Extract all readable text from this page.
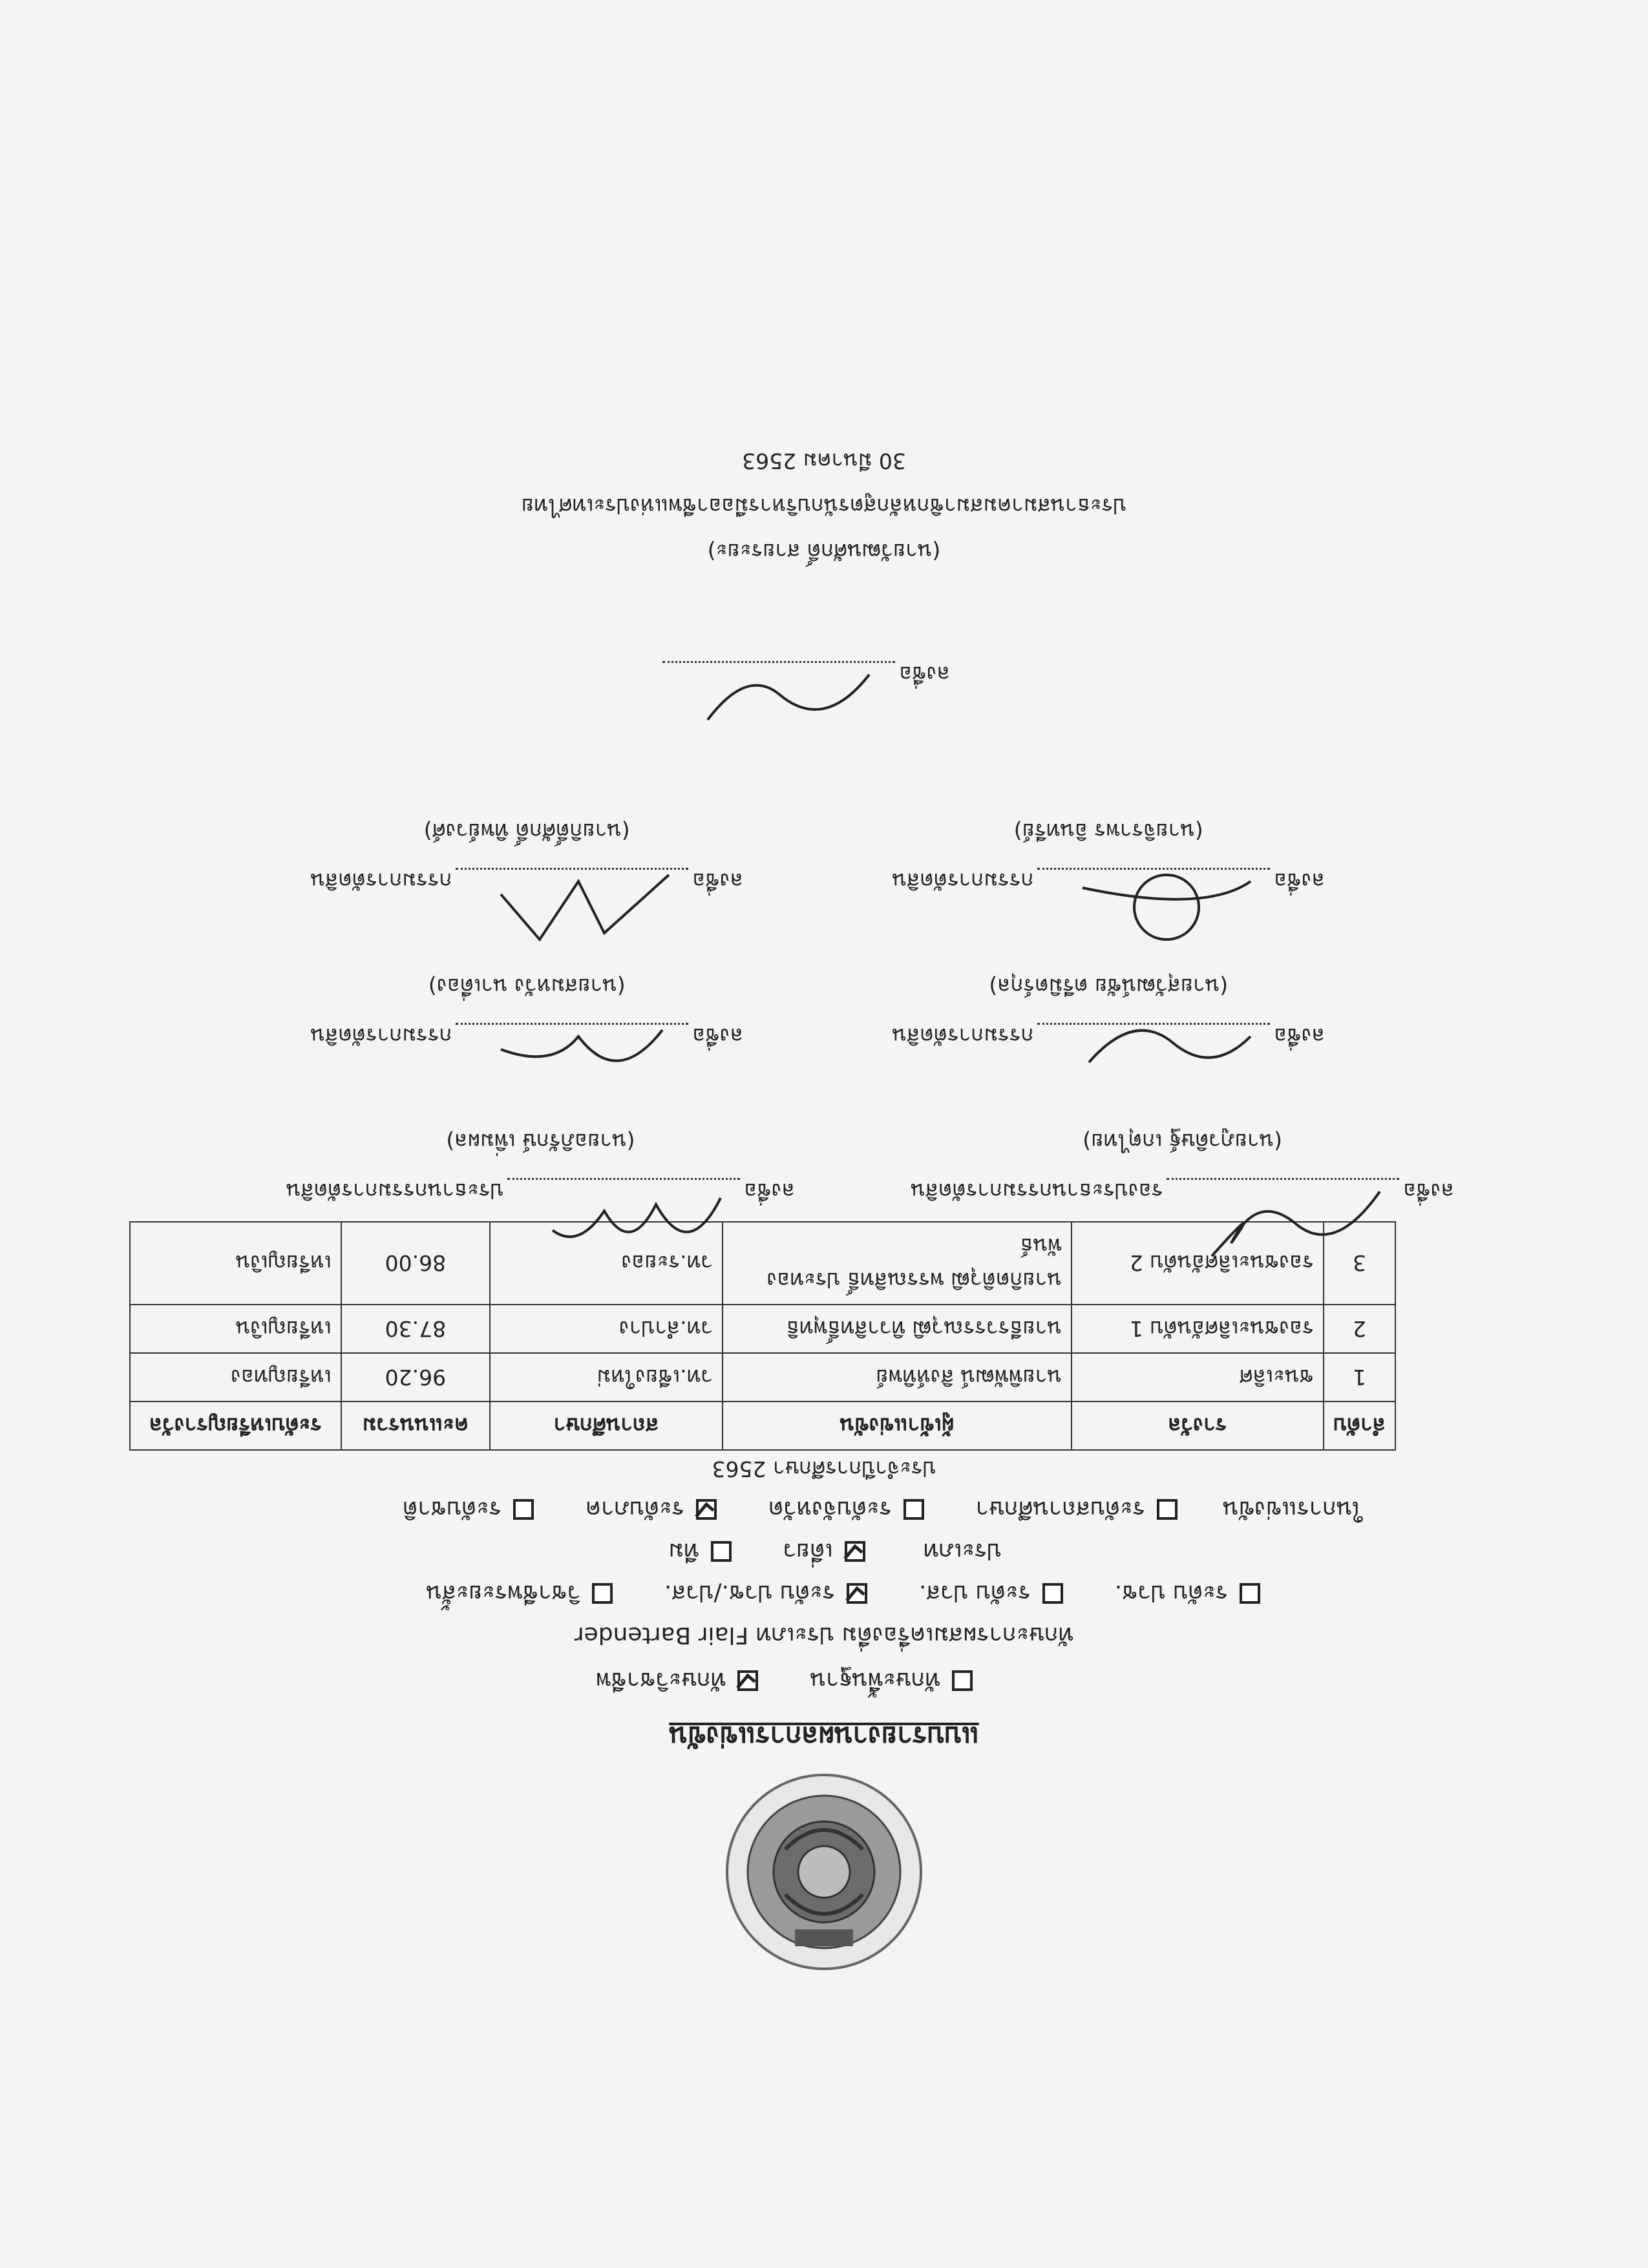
แบบรายงานผลการแข่งขัน
ทักษะพื้นฐาน
ทักษะวิชาชีพ
ทักษะการผสมเครื่องดื่ม ประเภท Flair Bartender
ระดับ ปวช.
ระดับ ปวส.
ระดับ ปวช./ปวส.
วิชาชีพระยะสั้น
ประเภท
เดี่ยว
ทีม
ในการแข่งขัน
ระดับสถานศึกษา
ระดับจังหวัด
ระดับภาค
ระดับชาติ
ประจำปีการศึกษา 2563
ลำดับ	รางวัล	ผู้เข้าแข่งขัน	สถานศึกษา	คะแนนรวม	ระดับเหรียญรางวัล
1	ชนะเลิศ	นายพิพัฒน์ สิงห์ทิพย์	วท.เชียงใหม่	96.20	เหรียญทอง
2	รองชนะเลิศอันดับ 1	นายธีรวรรณวุฒิ ทิวาสิทธิ์พุทธิ	วท.ลำปาง	87.30	เหรียญเงิน
3	รองชนะเลิศอันดับ 2	นายกิตติวุฒิ พรรณสิทธิ์ ประทองพันธ์	วท.ระยอง	86.00	เหรียญเงิน
ลงชื่อ
รองประธานกรรมการตัดสิน
(นายภูวดิษฐ์ เกตุไทย)
ลงชื่อ
ประธานกรรมการตัดสิน
(นายอภิรักษ์ เพิ่มผล)
ลงชื่อ
กรรมการตัดสิน
(นายสุวัฒน์ชัย ตรีมิตร์กุล)
ลงชื่อ
กรรมการตัดสิน
(นายสมหวัง นาเดื่อง)
ลงชื่อ
กรรมการตัดสิน
(นายจิราพร อินทรีย์)
ลงชื่อ
กรรมการตัดสิน
(นายกิติ์ศักดิ์ ทิพย์วงศ์)
ลงชื่อ
(นายวัฒนศักดิ์ สายระยะ)
ประธานสมาคมสมาชิกหลักสูตรนักบริหารมืออาชีพแห่งประเทศไทย
30 มีนาคม 2563
